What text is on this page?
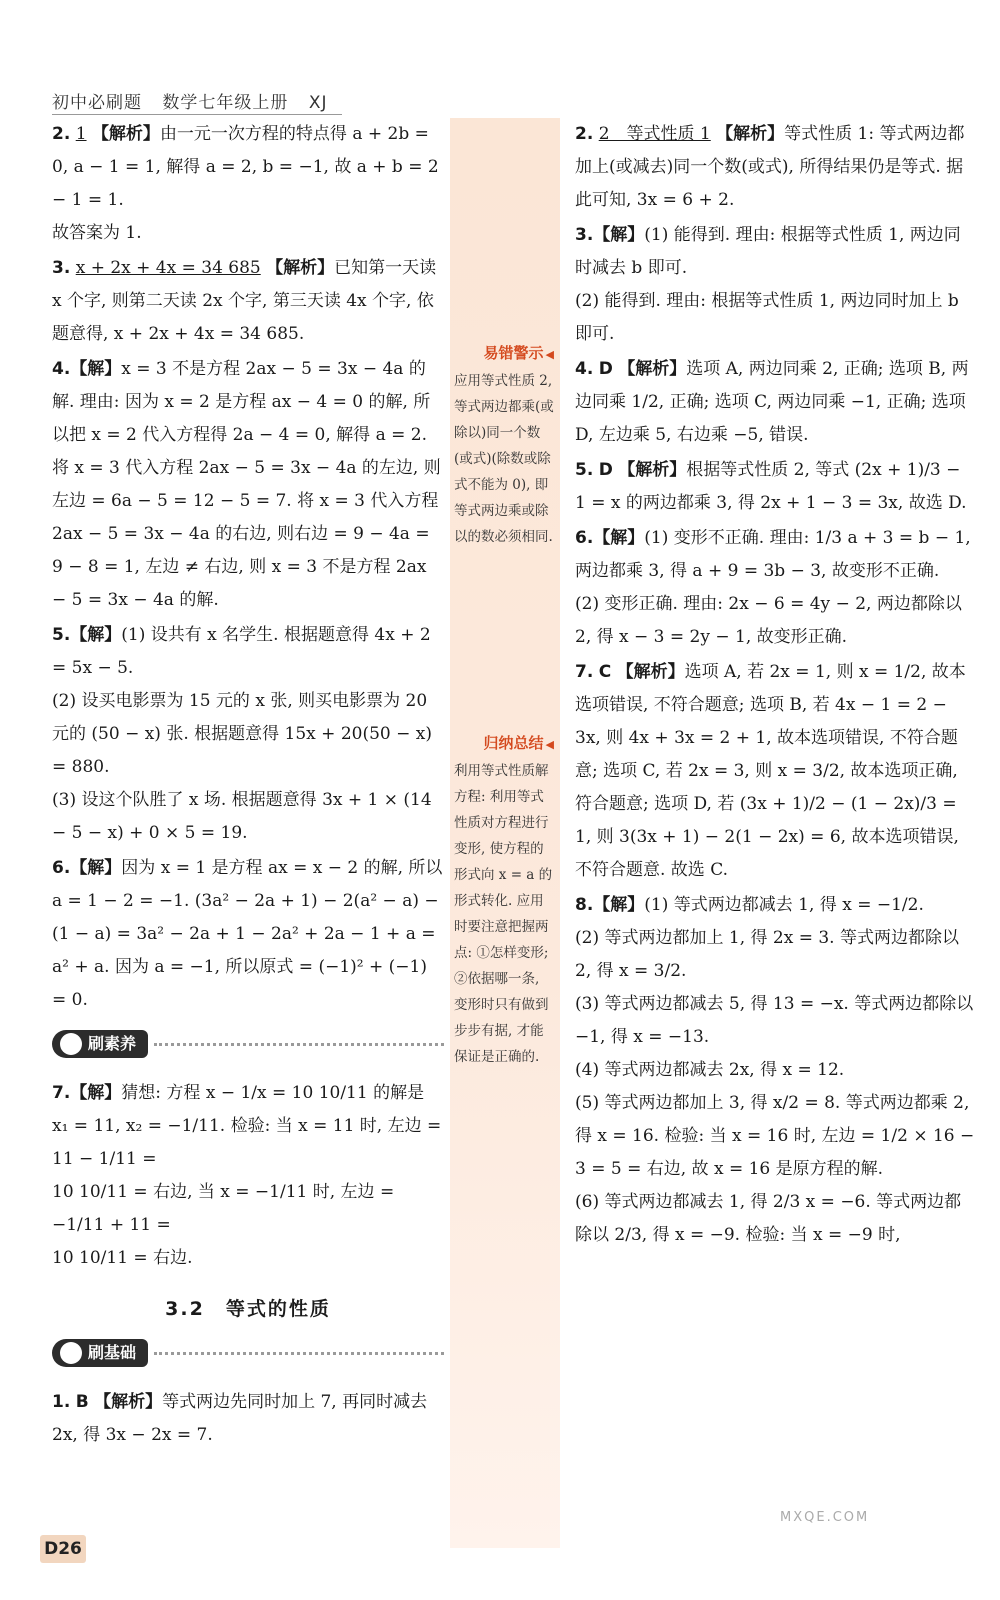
初中必刷题 数学七年级上册 XJ
2. 1 【解析】由一元一次方程的特点得 a + 2b = 0, a − 1 = 1, 解得 a = 2, b = −1, 故 a + b = 2 − 1 = 1.
故答案为 1.
3. x + 2x + 4x = 34 685 【解析】已知第一天读 x 个字, 则第二天读 2x 个字, 第三天读 4x 个字, 依题意得, x + 2x + 4x = 34 685.
4.【解】x = 3 不是方程 2ax − 5 = 3x − 4a 的解. 理由: 因为 x = 2 是方程 ax − 4 = 0 的解, 所以把 x = 2 代入方程得 2a − 4 = 0, 解得 a = 2. 将 x = 3 代入方程 2ax − 5 = 3x − 4a 的左边, 则左边 = 6a − 5 = 12 − 5 = 7. 将 x = 3 代入方程 2ax − 5 = 3x − 4a 的右边, 则右边 = 9 − 4a = 9 − 8 = 1, 左边 ≠ 右边, 则 x = 3 不是方程 2ax − 5 = 3x − 4a 的解.
5.【解】(1) 设共有 x 名学生. 根据题意得 4x + 2 = 5x − 5.
(2) 设买电影票为 15 元的 x 张, 则买电影票为 20 元的 (50 − x) 张. 根据题意得 15x + 20(50 − x) = 880.
(3) 设这个队胜了 x 场. 根据题意得 3x + 1 × (14 − 5 − x) + 0 × 5 = 19.
6.【解】因为 x = 1 是方程 ax = x − 2 的解, 所以 a = 1 − 2 = −1. (3a² − 2a + 1) − 2(a² − a) − (1 − a) = 3a² − 2a + 1 − 2a² + 2a − 1 + a = a² + a. 因为 a = −1, 所以原式 = (−1)² + (−1) = 0.
刷素养
7.【解】猜想: 方程 x − 1/x = 10 10/11 的解是 x₁ = 11, x₂ = −1/11. 检验: 当 x = 11 时, 左边 = 11 − 1/11 =
10 10/11 = 右边, 当 x = −1/11 时, 左边 = −1/11 + 11 =
10 10/11 = 右边.
3.2　等式的性质
刷基础
1. B 【解析】等式两边先同时加上 7, 再同时减去 2x, 得 3x − 2x = 7.
易错警示 ◀
应用等式性质 2, 等式两边都乘(或除以)同一个数(或式)(除数或除式不能为 0), 即等式两边乘或除以的数必须相同.
归纳总结 ◀
利用等式性质解方程: 利用等式性质对方程进行变形, 使方程的形式向 x = a 的形式转化. 应用时要注意把握两点: ①怎样变形; ②依据哪一条, 变形时只有做到步步有据, 才能保证是正确的.
2. 2　等式性质 1 【解析】等式性质 1: 等式两边都加上(或减去)同一个数(或式), 所得结果仍是等式. 据此可知, 3x = 6 + 2.
3.【解】(1) 能得到. 理由: 根据等式性质 1, 两边同时减去 b 即可.
(2) 能得到. 理由: 根据等式性质 1, 两边同时加上 b 即可.
4. D 【解析】选项 A, 两边同乘 2, 正确; 选项 B, 两边同乘 1/2, 正确; 选项 C, 两边同乘 −1, 正确; 选项 D, 左边乘 5, 右边乘 −5, 错误.
5. D 【解析】根据等式性质 2, 等式 (2x + 1)/3 − 1 = x 的两边都乘 3, 得 2x + 1 − 3 = 3x, 故选 D.
6.【解】(1) 变形不正确. 理由: 1/3 a + 3 = b − 1, 两边都乘 3, 得 a + 9 = 3b − 3, 故变形不正确.
(2) 变形正确. 理由: 2x − 6 = 4y − 2, 两边都除以 2, 得 x − 3 = 2y − 1, 故变形正确.
7. C 【解析】选项 A, 若 2x = 1, 则 x = 1/2, 故本选项错误, 不符合题意; 选项 B, 若 4x − 1 = 2 − 3x, 则 4x + 3x = 2 + 1, 故本选项错误, 不符合题意; 选项 C, 若 2x = 3, 则 x = 3/2, 故本选项正确, 符合题意; 选项 D, 若 (3x + 1)/2 − (1 − 2x)/3 = 1, 则 3(3x + 1) − 2(1 − 2x) = 6, 故本选项错误, 不符合题意. 故选 C.
8.【解】(1) 等式两边都减去 1, 得 x = −1/2.
(2) 等式两边都加上 1, 得 2x = 3. 等式两边都除以 2, 得 x = 3/2.
(3) 等式两边都减去 5, 得 13 = −x. 等式两边都除以 −1, 得 x = −13.
(4) 等式两边都减去 2x, 得 x = 12.
(5) 等式两边都加上 3, 得 x/2 = 8. 等式两边都乘 2, 得 x = 16. 检验: 当 x = 16 时, 左边 = 1/2 × 16 − 3 = 5 = 右边, 故 x = 16 是原方程的解.
(6) 等式两边都减去 1, 得 2/3 x = −6. 等式两边都除以 2/3, 得 x = −9. 检验: 当 x = −9 时,
D26
MXQE.COM
